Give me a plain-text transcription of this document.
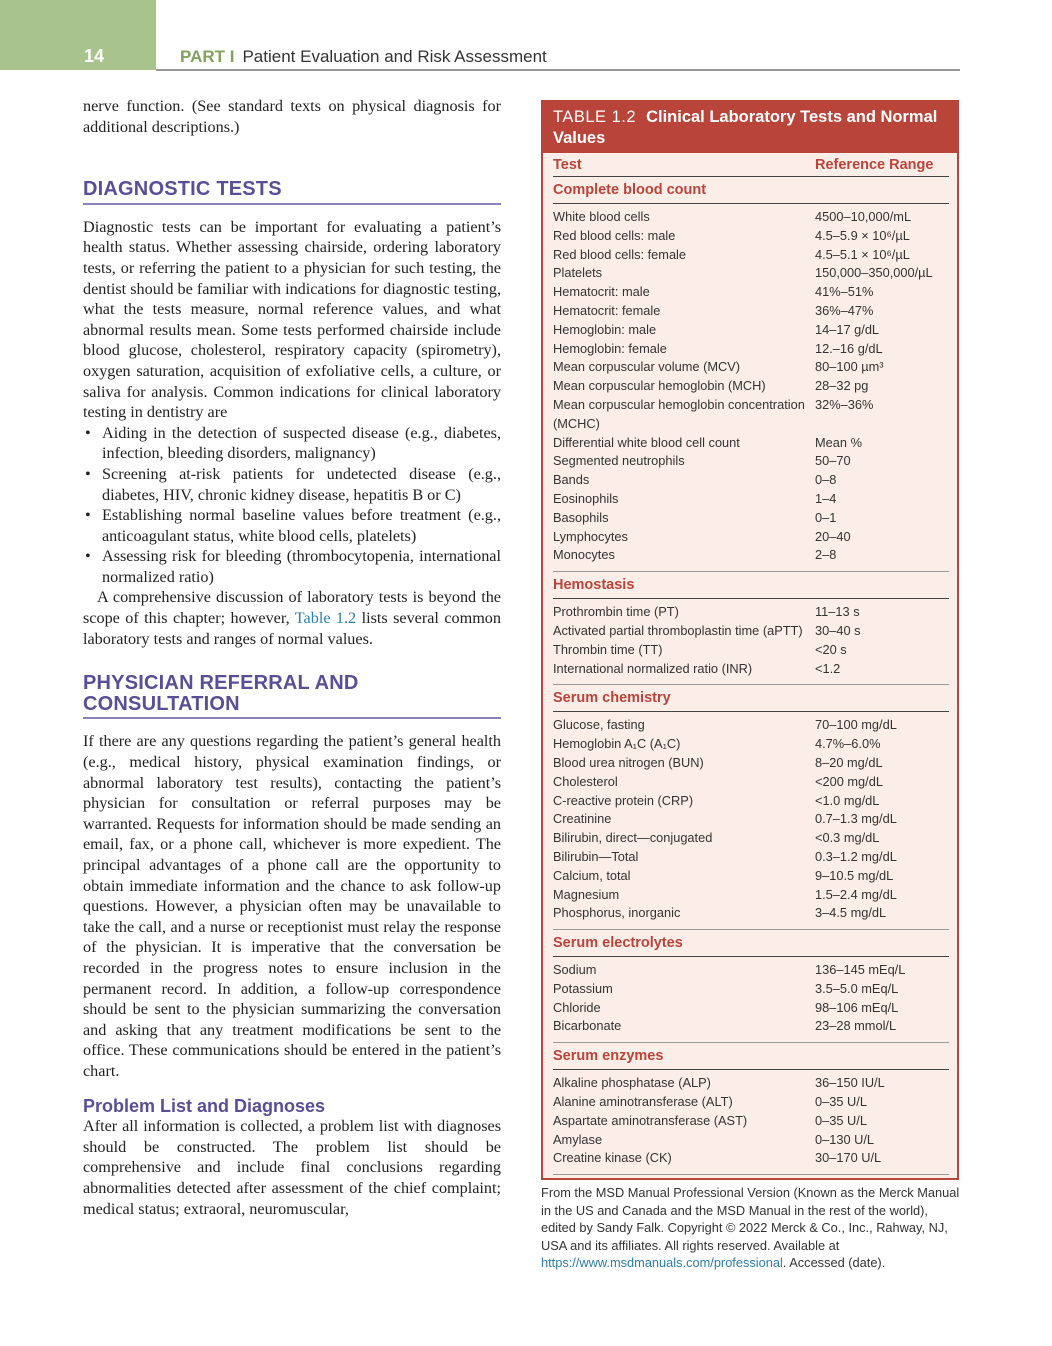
14	PART I Patient Evaluation and Risk Assessment

nerve function. (See standard texts on physical diagnosis for additional descriptions.)

DIAGNOSTIC TESTS

Diagnostic tests can be important for evaluating a patient’s health status. Whether assessing chairside, ordering laboratory tests, or referring the patient to a physician for such testing, the dentist should be familiar with indications for diagnostic testing, what the tests measure, normal reference values, and what abnormal results mean. Some tests performed chairside include blood glucose, cholesterol, respiratory capacity (spirometry), oxygen saturation, acquisition of exfoliative cells, a culture, or saliva for analysis. Common indications for clinical laboratory testing in dentistry are

• Aiding in the detection of suspected disease (e.g., diabetes, infection, bleeding disorders, malignancy)
• Screening at-risk patients for undetected disease (e.g., diabetes, HIV, chronic kidney disease, hepatitis B or C)
• Establishing normal baseline values before treatment (e.g., anticoagulant status, white blood cells, platelets)
• Assessing risk for bleeding (thrombocytopenia, international normalized ratio)

A comprehensive discussion of laboratory tests is beyond the scope of this chapter; however, Table 1.2 lists several common laboratory tests and ranges of normal values.

PHYSICIAN REFERRAL AND CONSULTATION

If there are any questions regarding the patient’s general health (e.g., medical history, physical examination findings, or abnormal laboratory test results), contacting the patient’s physician for consultation or referral purposes may be warranted. Requests for information should be made sending an email, fax, or a phone call, whichever is more expedient. The principal advantages of a phone call are the opportunity to obtain immediate information and the chance to ask follow-up questions. However, a physician often may be unavailable to take the call, and a nurse or receptionist must relay the response of the physician. It is imperative that the conversation be recorded in the progress notes to ensure inclusion in the permanent record. In addition, a follow-up correspondence should be sent to the physician summarizing the conversation and asking that any treatment modifications be sent to the office. These communications should be entered in the patient’s chart.

Problem List and Diagnoses

After all information is collected, a problem list with diagnoses should be constructed. The problem list should be comprehensive and include final conclusions regarding abnormalities detected after assessment of the chief complaint; medical status; extraoral, neuromuscular,

TABLE 1.2 Clinical Laboratory Tests and Normal Values
Test	Reference Range
Complete blood count
White blood cells	4500–10,000/mL
Red blood cells: male	4.5–5.9 × 10⁶/µL
Red blood cells: female	4.5–5.1 × 10⁶/µL
Platelets	150,000–350,000/µL
Hematocrit: male	41%–51%
Hematocrit: female	36%–47%
Hemoglobin: male	14–17 g/dL
Hemoglobin: female	12.–16 g/dL
Mean corpuscular volume (MCV)	80–100 µm³
Mean corpuscular hemoglobin (MCH)	28–32 pg
Mean corpuscular hemoglobin concentration (MCHC)
32%–36%
Differential white blood cell count	Mean %
Segmented neutrophils	50–70
Bands	0–8
Eosinophils	1–4
Basophils	0–1
Lymphocytes	20–40
Monocytes	2–8
Hemostasis
Prothrombin time (PT)	11–13 s
Activated partial thromboplastin time (aPTT) 30–40 s
Thrombin time (TT)	<20 s
International normalized ratio (INR)	<1.2
Serum chemistry
Glucose, fasting	70–100 mg/dL
Hemoglobin A₁C (A₁C)	4.7%–6.0%
Blood urea nitrogen (BUN)	8–20 mg/dL
Cholesterol	<200 mg/dL
C-reactive protein (CRP)	<1.0 mg/dL
Creatinine	0.7–1.3 mg/dL
Bilirubin, direct—conjugated	<0.3 mg/dL
Bilirubin—Total	0.3–1.2 mg/dL
Calcium, total	9–10.5 mg/dL
Magnesium	1.5–2.4 mg/dL
Phosphorus, inorganic	3–4.5 mg/dL
Serum electrolytes
Sodium	136–145 mEq/L
Potassium	3.5–5.0 mEq/L
Chloride	98–106 mEq/L
Bicarbonate	23–28 mmol/L
Serum enzymes
Alkaline phosphatase (ALP)	36–150 IU/L
Alanine aminotransferase (ALT)	0–35 U/L
Aspartate aminotransferase (AST)	0–35 U/L
Amylase	0–130 U/L
Creatine kinase (CK)	30–170 U/L
From the MSD Manual Professional Version (Known as the Merck Manual in the US and Canada and the MSD Manual in the rest of the world), edited by Sandy Falk. Copyright © 2022 Merck & Co., Inc., Rahway, NJ, USA and its affiliates. All rights reserved. Available at https://www.msdmanuals.com/professional. Accessed (date).
